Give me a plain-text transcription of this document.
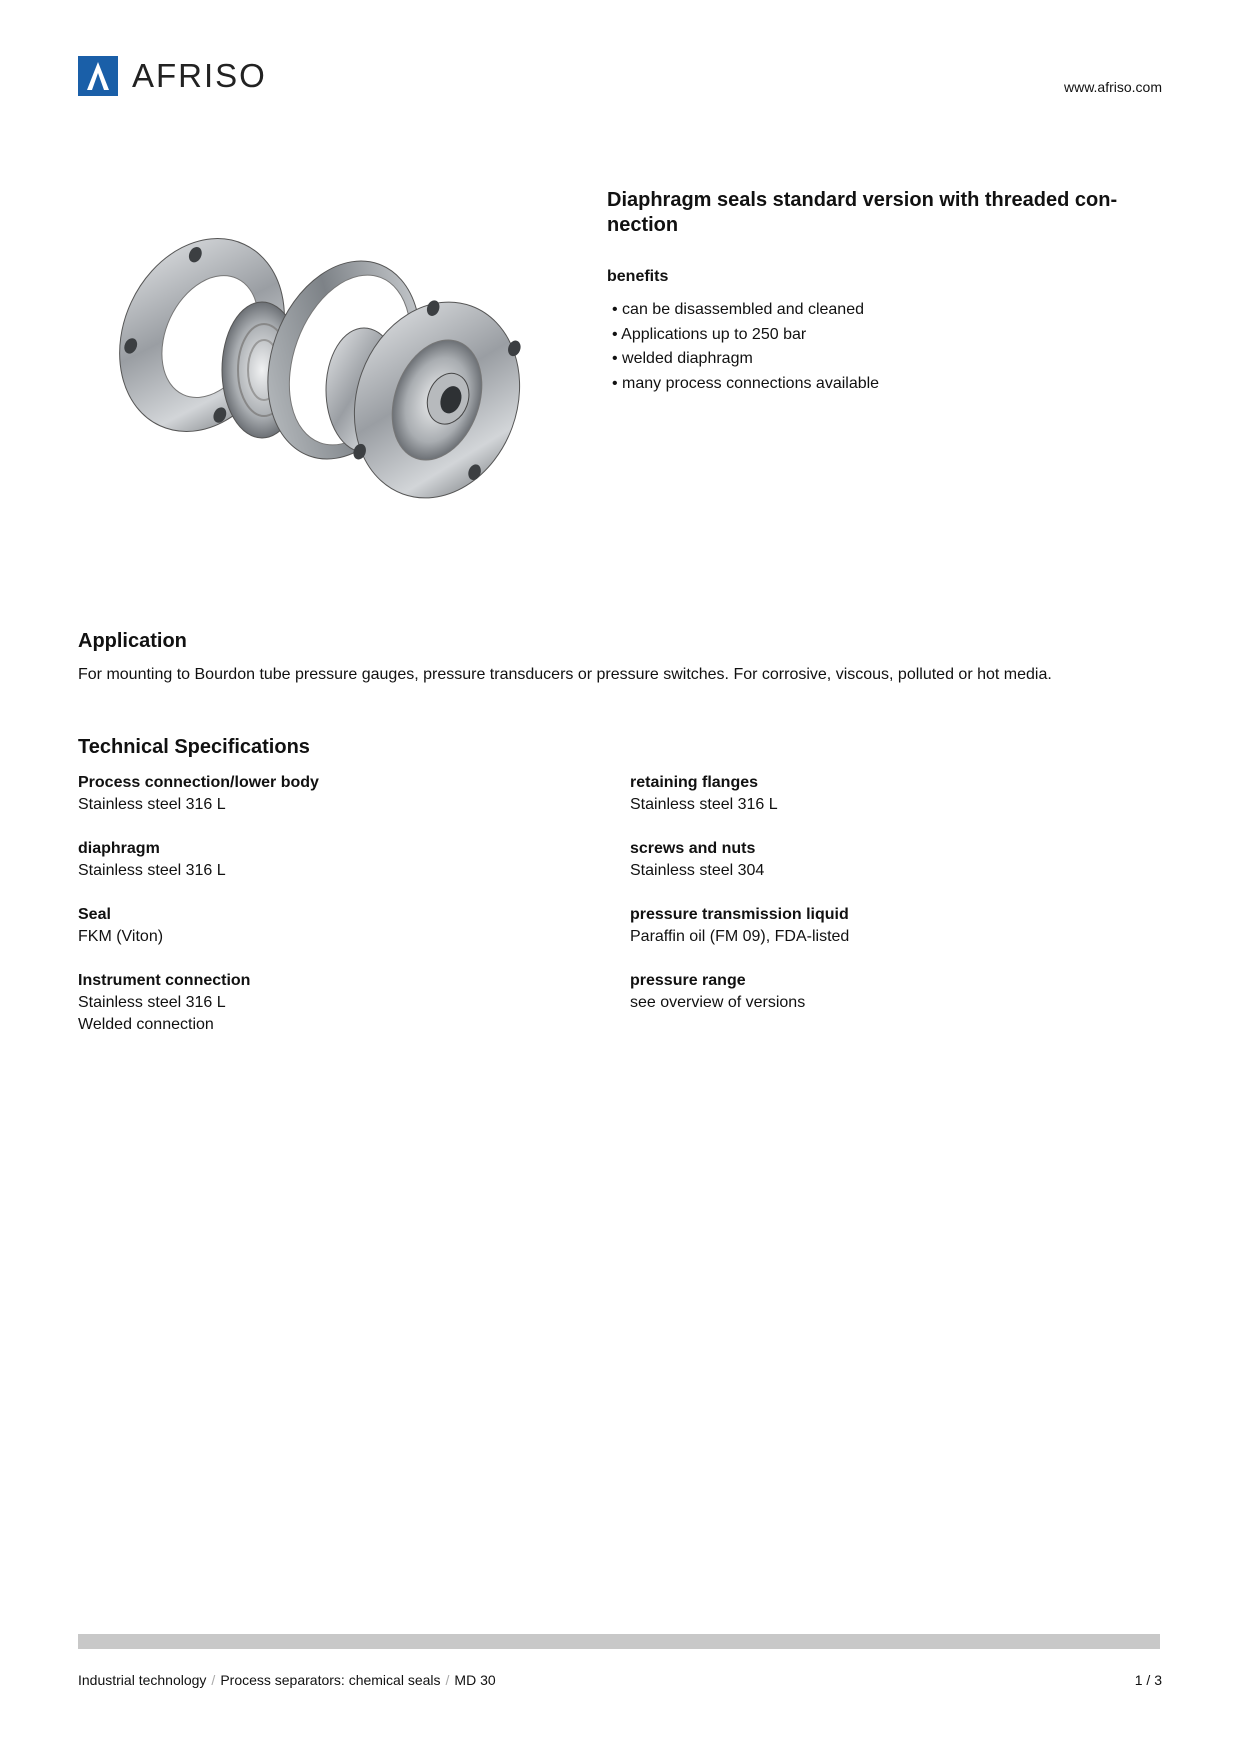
AFRISO	www.afriso.com
Diaphragm seals standard version with threaded con-nection
benefits
• can be disassembled and cleaned
• Applications up to 250 bar
• welded diaphragm
• many process connections available
Application

For mounting to Bourdon tube pressure gauges, pressure transducers or pressure switches. For corrosive, viscous, polluted or hot media.

Technical Specifications
Process connection/lower body
Stainless steel 316 L
diaphragm
Stainless steel 316 L
Seal
FKM (Viton)
Instrument connection
Stainless steel 316 L
Welded connection
retaining flanges
Stainless steel 316 L
screws and nuts
Stainless steel 304
pressure transmission liquid
Paraffin oil (FM 09), FDA-listed
pressure range
see overview of versions
Industrial technology / Process separators: chemical seals / MD 30	1 / 3
